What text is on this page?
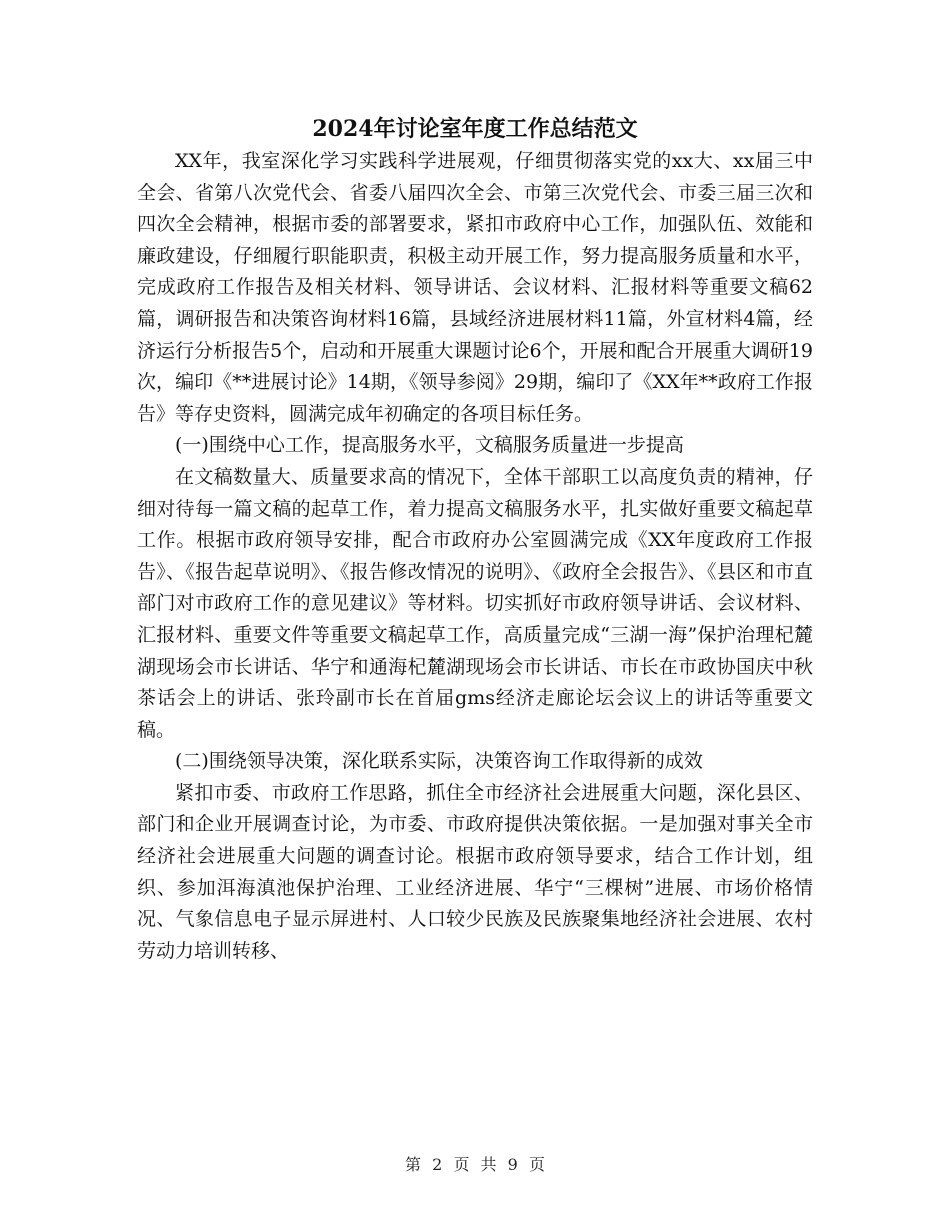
2024年讨论室年度工作总结范文

XX年，我室深化学习实践科学进展观，仔细贯彻落实党的xx大、xx届三中全会、省第八次党代会、省委八届四次全会、市第三次党代会、市委三届三次和四次全会精神，根据市委的部署要求，紧扣市政府中心工作，加强队伍、效能和廉政建设，仔细履行职能职责，积极主动开展工作，努力提高服务质量和水平，完成政府工作报告及相关材料、领导讲话、会议材料、汇报材料等重要文稿62篇，调研报告和决策咨询材料16篇，县域经济进展材料11篇，外宣材料4篇，经济运行分析报告5个，启动和开展重大课题讨论6个，开展和配合开展重大调研19次，编印《**进展讨论》14期，《领导参阅》29期，编印了《XX年**政府工作报告》等存史资料，圆满完成年初确定的各项目标任务。

(一)围绕中心工作，提高服务水平，文稿服务质量进一步提高

在文稿数量大、质量要求高的情况下，全体干部职工以高度负责的精神，仔细对待每一篇文稿的起草工作，着力提高文稿服务水平，扎实做好重要文稿起草工作。根据市政府领导安排，配合市政府办公室圆满完成《XX年度政府工作报告》、《报告起草说明》、《报告修改情况的说明》、《政府全会报告》、《县区和市直部门对市政府工作的意见建议》等材料。切实抓好市政府领导讲话、会议材料、汇报材料、重要文件等重要文稿起草工作，高质量完成“三湖一海”保护治理杞麓湖现场会市长讲话、华宁和通海杞麓湖现场会市长讲话、市长在市政协国庆中秋茶话会上的讲话、张玲副市长在首届gms经济走廊论坛会议上的讲话等重要文稿。

(二)围绕领导决策，深化联系实际，决策咨询工作取得新的成效

紧扣市委、市政府工作思路，抓住全市经济社会进展重大问题，深化县区、部门和企业开展调查讨论，为市委、市政府提供决策依据。一是加强对事关全市经济社会进展重大问题的调查讨论。根据市政府领导要求，结合工作计划，组织、参加洱海滇池保护治理、工业经济进展、华宁“三棵树”进展、市场价格情况、气象信息电子显示屏进村、人口较少民族及民族聚集地经济社会进展、农村劳动力培训转移、

第 2 页 共 9 页
